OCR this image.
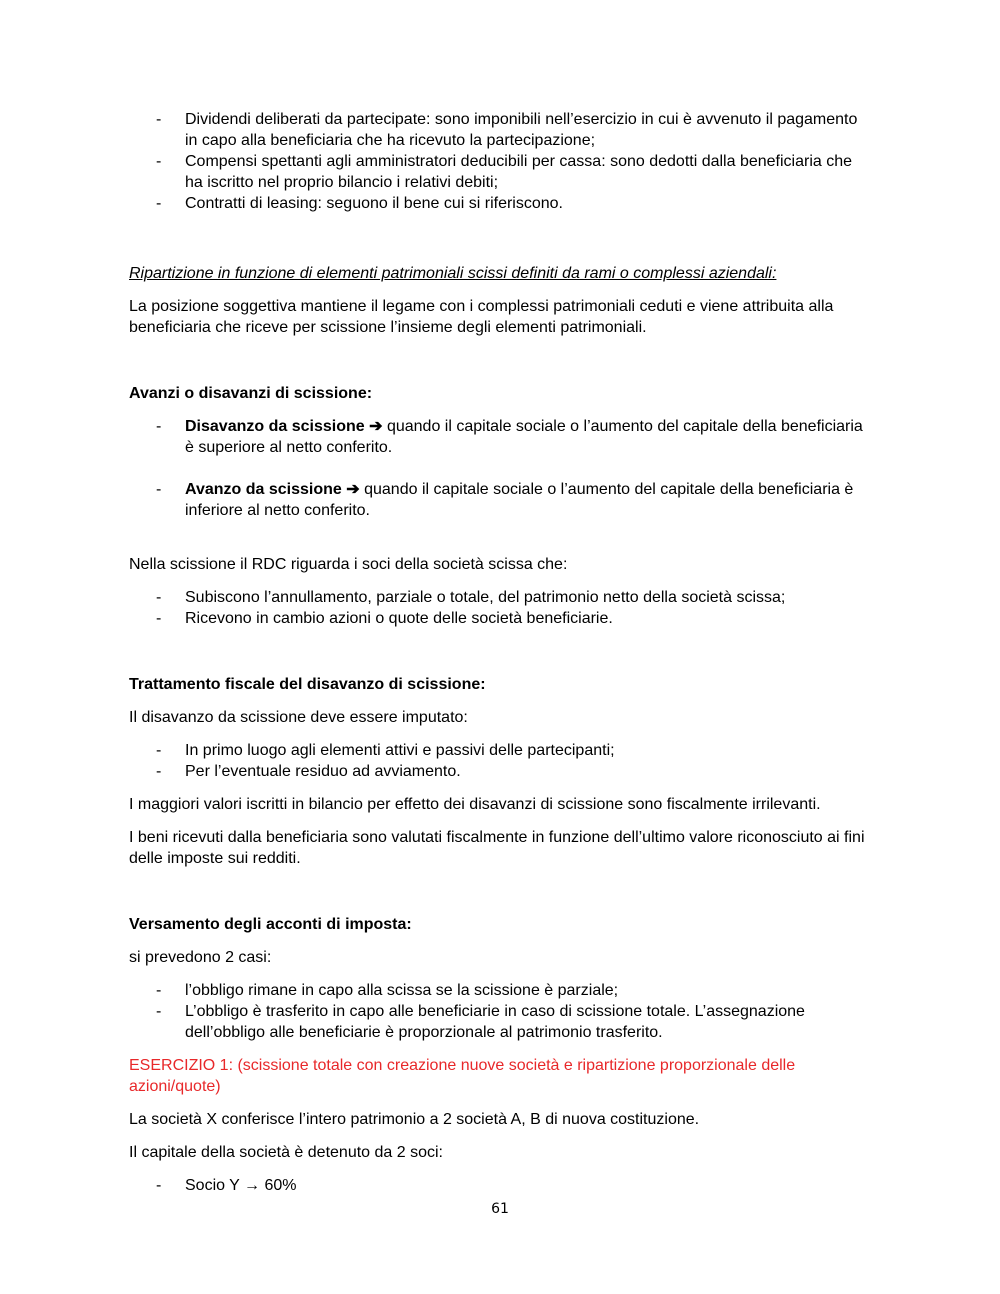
- Dividendi deliberati da partecipate: sono imponibili nell’esercizio in cui è avvenuto il pagamento in capo alla beneficiaria che ha ricevuto la partecipazione;
- Compensi spettanti agli amministratori deducibili per cassa: sono dedotti dalla beneficiaria che ha iscritto nel proprio bilancio i relativi debiti;
- Contratti di leasing: seguono il bene cui si riferiscono.

Ripartizione in funzione di elementi patrimoniali scissi definiti da rami o complessi aziendali:

La posizione soggettiva mantiene il legame con i complessi patrimoniali ceduti e viene attribuita alla beneficiaria che riceve per scissione l’insieme degli elementi patrimoniali.

Avanzi o disavanzi di scissione:

- Disavanzo da scissione ➔ quando il capitale sociale o l’aumento del capitale della beneficiaria è superiore al netto conferito.
- Avanzo da scissione ➔ quando il capitale sociale o l’aumento del capitale della beneficiaria è inferiore al netto conferito.

Nella scissione il RDC riguarda i soci della società scissa che:

- Subiscono l’annullamento, parziale o totale, del patrimonio netto della società scissa;
- Ricevono in cambio azioni o quote delle società beneficiarie.

Trattamento fiscale del disavanzo di scissione:

Il disavanzo da scissione deve essere imputato:

- In primo luogo agli elementi attivi e passivi delle partecipanti;
- Per l’eventuale residuo ad avviamento.

I maggiori valori iscritti in bilancio per effetto dei disavanzi di scissione sono fiscalmente irrilevanti.

I beni ricevuti dalla beneficiaria sono valutati fiscalmente in funzione dell’ultimo valore riconosciuto ai fini delle imposte sui redditi.

Versamento degli acconti di imposta:

si prevedono 2 casi:

- l’obbligo rimane in capo alla scissa se la scissione è parziale;
- L’obbligo è trasferito in capo alle beneficiarie in caso di scissione totale. L’assegnazione dell’obbligo alle beneficiarie è proporzionale al patrimonio trasferito.

ESERCIZIO 1: (scissione totale con creazione nuove società e ripartizione proporzionale delle azioni/quote)

La società X conferisce l’intero patrimonio a 2 società A, B di nuova costituzione.

Il capitale della società è detenuto da 2 soci:

- Socio Y → 60%
61
